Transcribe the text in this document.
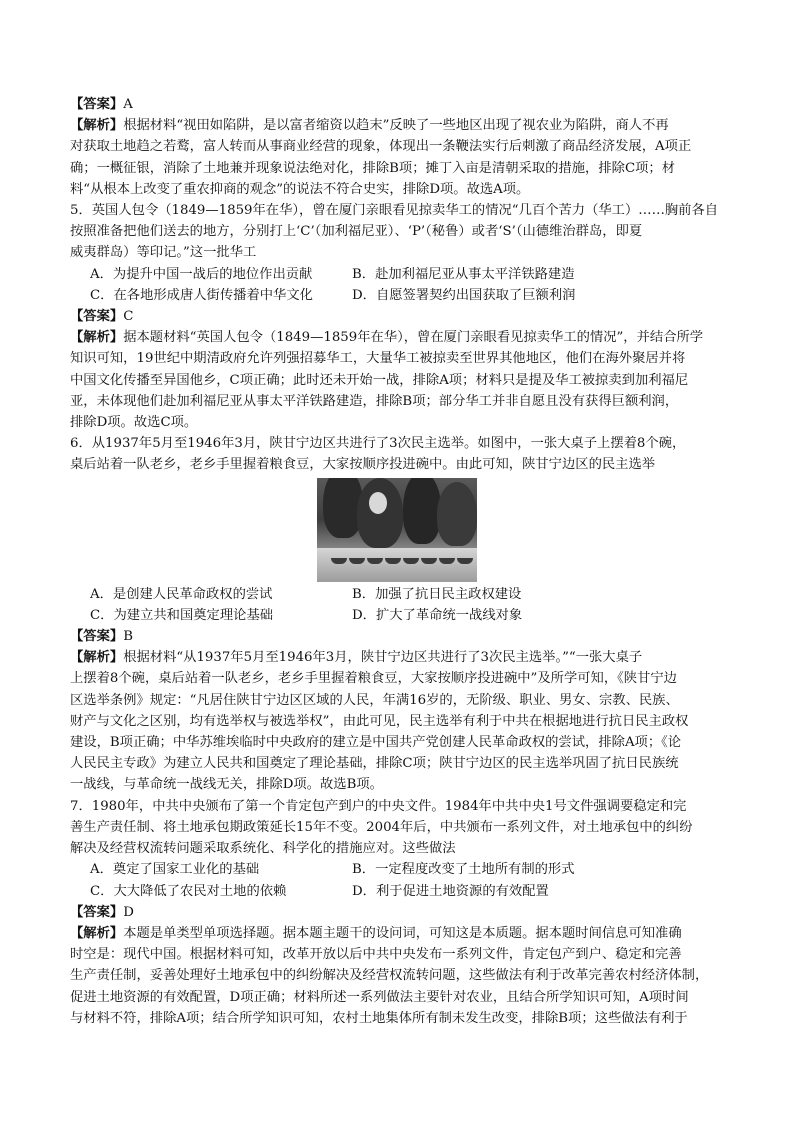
【答案】A

【解析】根据材料“视田如陷阱，是以富者缩资以趋末”反映了一些地区出现了视农业为陷阱，商人不再
对获取土地趋之若鹜，富人转而从事商业经营的现象，体现出一条鞭法实行后刺激了商品经济发展，A项正
确；一概征银，消除了土地兼并现象说法绝对化，排除B项；摊丁入亩是清朝采取的措施，排除C项；材
料“从根本上改变了重农抑商的观念”的说法不符合史实，排除D项。故选A项。

5．英国人包令（1849—1859年在华），曾在厦门亲眼看见掠卖华工的情况“几百个苦力（华工）……胸前各自
按照准备把他们送去的地方，分别打上‘C’（加利福尼亚）、‘P’（秘鲁）或者‘S’（山德维治群岛，即夏
威夷群岛）等印记。”这一批华工

A．为提升中国一战后的地位作出贡献	B．赴加利福尼亚从事太平洋铁路建造
C．在各地形成唐人街传播着中华文化	D．自愿签署契约出国获取了巨额利润

【答案】C

【解析】据本题材料“英国人包令（1849—1859年在华），曾在厦门亲眼看见掠卖华工的情况”，并结合所学
知识可知，19世纪中期清政府允许列强招募华工，大量华工被掠卖至世界其他地区，他们在海外聚居并将
中国文化传播至异国他乡，C项正确；此时还未开始一战，排除A项；材料只是提及华工被掠卖到加利福尼
亚，未体现他们赴加利福尼亚从事太平洋铁路建造，排除B项；部分华工并非自愿且没有获得巨额利润，
排除D项。故选C项。

6．从1937年5月至1946年3月，陕甘宁边区共进行了3次民主选举。如图中，一张大桌子上摆着8个碗，
桌后站着一队老乡，老乡手里握着粮食豆，大家按顺序投进碗中。由此可知，陕甘宁边区的民主选举

A．是创建人民革命政权的尝试	B．加强了抗日民主政权建设
C．为建立共和国奠定理论基础	D．扩大了革命统一战线对象

【答案】B

【解析】根据材料“从1937年5月至1946年3月，陕甘宁边区共进行了3次民主选举。”“一张大桌子
上摆着8个碗，桌后站着一队老乡，老乡手里握着粮食豆，大家按顺序投进碗中”及所学可知，《陕甘宁边
区选举条例》规定：“凡居住陕甘宁边区区域的人民，年满16岁的，无阶级、职业、男女、宗教、民族、
财产与文化之区别，均有选举权与被选举权”，由此可见，民主选举有利于中共在根据地进行抗日民主政权
建设，B项正确；中华苏维埃临时中央政府的建立是中国共产党创建人民革命政权的尝试，排除A项；《论
人民民主专政》为建立人民共和国奠定了理论基础，排除C项；陕甘宁边区的民主选举巩固了抗日民族统
一战线，与革命统一战线无关，排除D项。故选B项。

7．1980年，中共中央颁布了第一个肯定包产到户的中央文件。1984年中共中央1号文件强调要稳定和完
善生产责任制、将土地承包期政策延长15年不变。2004年后，中共颁布一系列文件，对土地承包中的纠纷
解决及经营权流转问题采取系统化、科学化的措施应对。这些做法

A．奠定了国家工业化的基础	B．一定程度改变了土地所有制的形式
C．大大降低了农民对土地的依赖	D．利于促进土地资源的有效配置

【答案】D

【解析】本题是单类型单项选择题。据本题主题干的设问词，可知这是本质题。据本题时间信息可知准确
时空是：现代中国。根据材料可知，改革开放以后中共中央发布一系列文件，肯定包产到户、稳定和完善
生产责任制，妥善处理好土地承包中的纠纷解决及经营权流转问题，这些做法有利于改革完善农村经济体制，
促进土地资源的有效配置，D项正确；材料所述一系列做法主要针对农业，且结合所学知识可知，A项时间
与材料不符，排除A项；结合所学知识可知，农村土地集体所有制未发生改变，排除B项；这些做法有利于
